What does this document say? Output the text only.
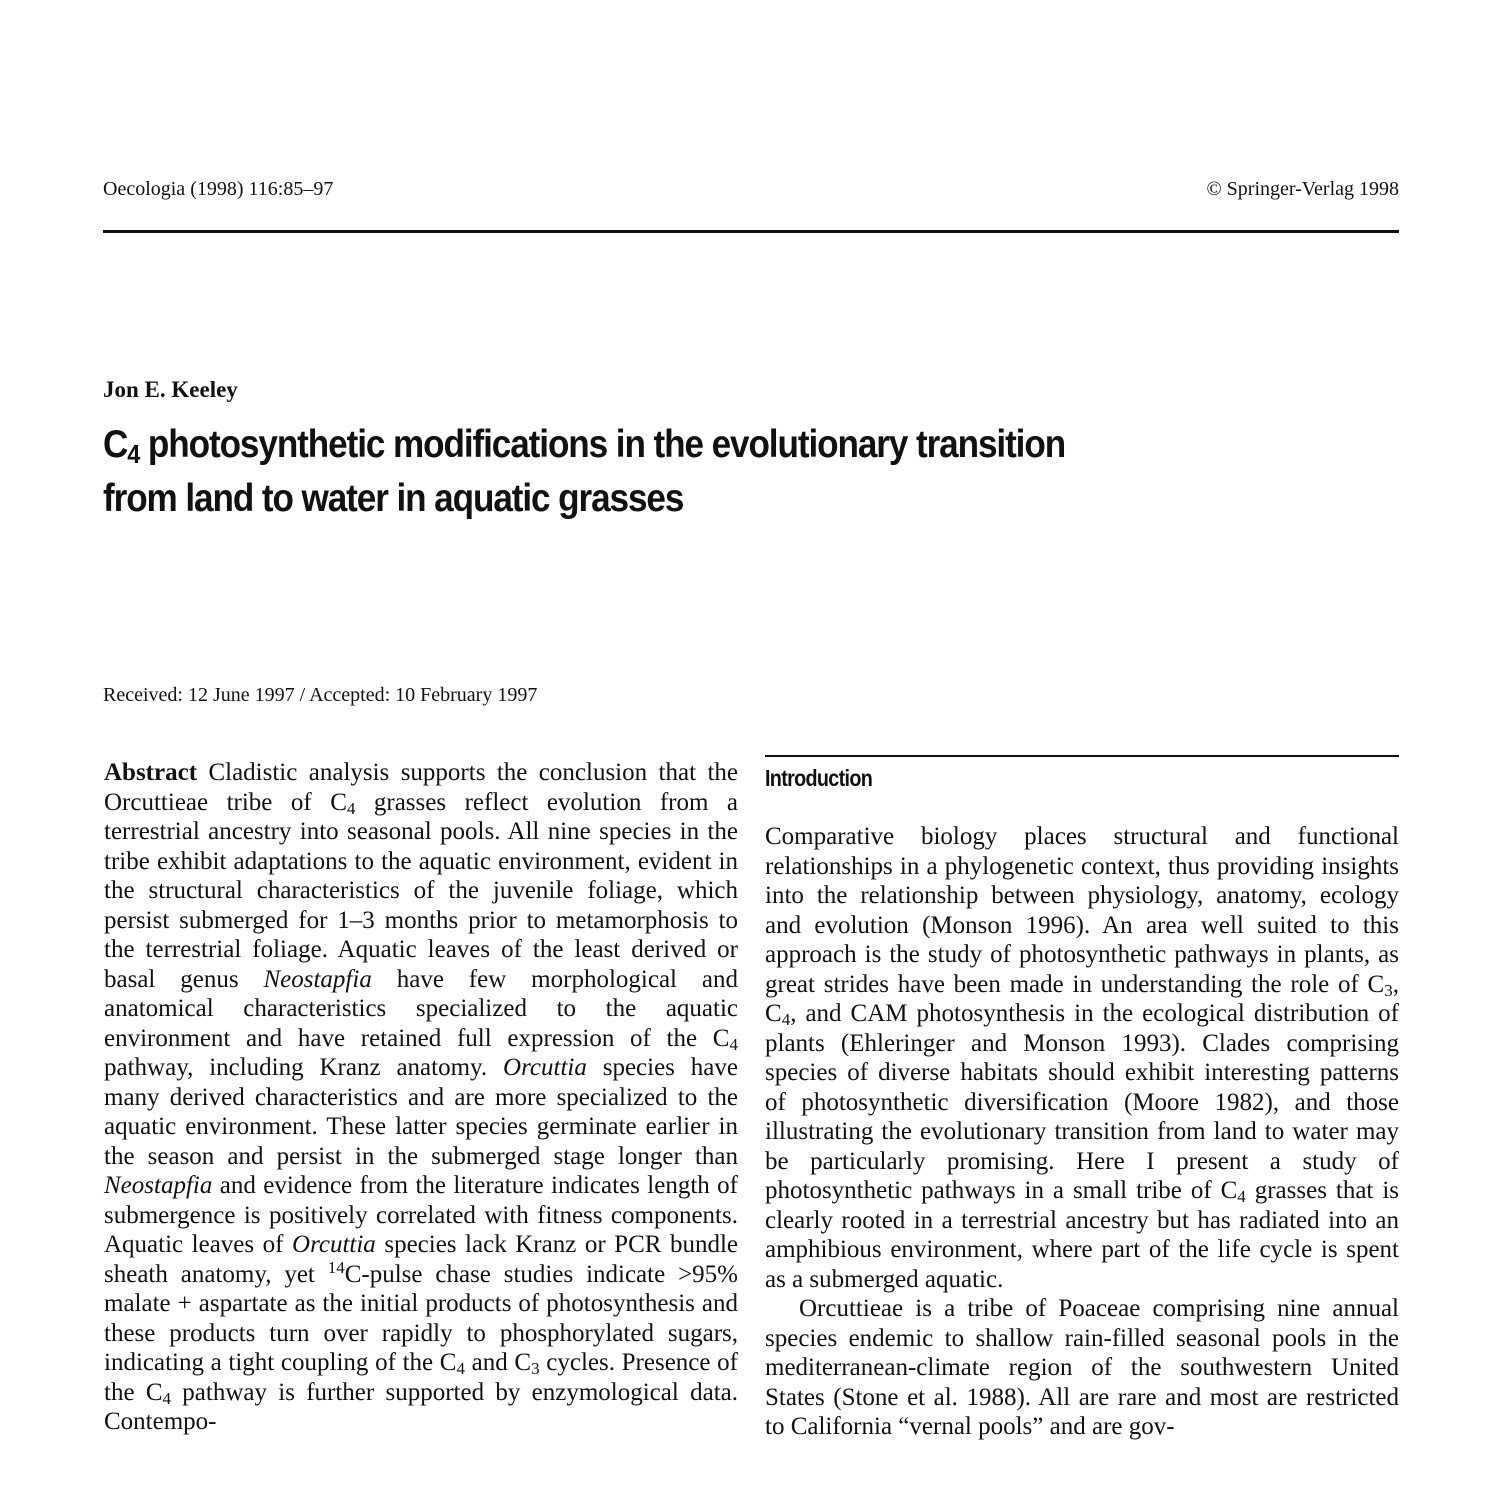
Oecologia (1998) 116:85–97	© Springer-Verlag 1998
Jon E. Keeley
$C_4$ photosynthetic modifications in the evolutionary transition
from land to water in aquatic grasses
Received: 12 June 1997 / Accepted: 10 February 1997

Abstract Cladistic analysis supports the conclusion that the Orcuttieae tribe of $C_4$ grasses reflect evolution from a terrestrial ancestry into seasonal pools. All nine species in the tribe exhibit adaptations to the aquatic environment, evident in the structural characteristics of the juvenile foliage, which persist submerged for 1–3 months prior to metamorphosis to the terrestrial foliage. Aquatic leaves of the least derived or basal genus Neostapfia have few morphological and anatomical characteristics specialized to the aquatic environment and have retained full expression of the $C_4$ pathway, including Kranz anatomy. Orcuttia species have many derived characteristics and are more specialized to the aquatic environment. These latter species germinate earlier in the season and persist in the submerged stage longer than Neostapfia and evidence from the literature indicates length of submergence is positively correlated with fitness components. Aquatic leaves of Orcuttia species lack Kranz or PCR bundle sheath anatomy, yet $^{14}$C-pulse chase studies indicate >95% malate + aspartate as the initial products of photosynthesis and these products turn over rapidly to phosphorylated sugars, indicating a tight coupling of the $C_4$ and $C_3$ cycles. Presence of the $C_4$ pathway is further supported by enzymological data. Contempo-

Introduction

Comparative biology places structural and functional relationships in a phylogenetic context, thus providing insights into the relationship between physiology, anatomy, ecology and evolution (Monson 1996). An area well suited to this approach is the study of photosynthetic pathways in plants, as great strides have been made in understanding the role of $C_3$, $C_4$, and CAM photosynthesis in the ecological distribution of plants (Ehleringer and Monson 1993). Clades comprising species of diverse habitats should exhibit interesting patterns of photosynthetic diversification (Moore 1982), and those illustrating the evolutionary transition from land to water may be particularly promising. Here I present a study of photosynthetic pathways in a small tribe of $C_4$ grasses that is clearly rooted in a terrestrial ancestry but has radiated into an amphibious environment, where part of the life cycle is spent as a submerged aquatic.

Orcuttieae is a tribe of Poaceae comprising nine annual species endemic to shallow rain-filled seasonal pools in the mediterranean-climate region of the southwestern United States (Stone et al. 1988). All are rare and most are restricted to California “vernal pools” and are gov-
